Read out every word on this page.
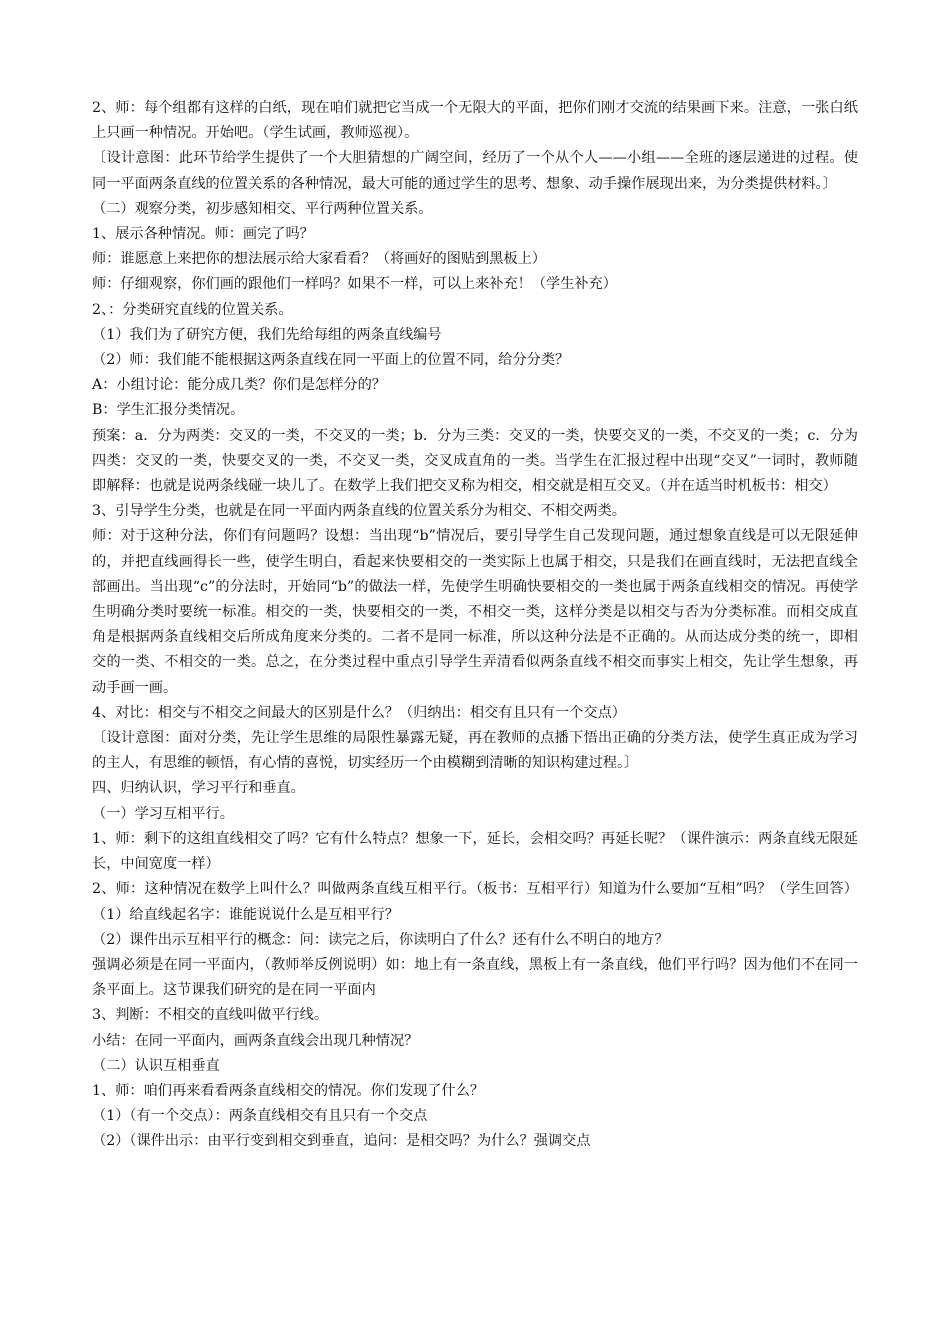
2、师：每个组都有这样的白纸，现在咱们就把它当成一个无限大的平面，把你们刚才交流的结果画下来。注意，一张白纸上只画一种情况。开始吧。（学生试画，教师巡视）。

〔设计意图：此环节给学生提供了一个大胆猜想的广阔空间，经历了一个从个人——小组——全班的逐层递进的过程。使同一平面两条直线的位置关系的各种情况，最大可能的通过学生的思考、想象、动手操作展现出来，为分类提供材料。〕

（二）观察分类，初步感知相交、平行两种位置关系。

1、展示各种情况。师：画完了吗？

师：谁愿意上来把你的想法展示给大家看看？（将画好的图贴到黑板上）

师：仔细观察，你们画的跟他们一样吗？如果不一样，可以上来补充！（学生补充）

2、：分类研究直线的位置关系。

（1）我们为了研究方便，我们先给每组的两条直线编号

（2）师：我们能不能根据这两条直线在同一平面上的位置不同，给分分类？

A：小组讨论：能分成几类？你们是怎样分的？

B：学生汇报分类情况。

预案：a．分为两类：交叉的一类，不交叉的一类；b．分为三类：交叉的一类，快要交叉的一类，不交叉的一类；c．分为四类：交叉的一类，快要交叉的一类，不交叉一类，交叉成直角的一类。当学生在汇报过程中出现“交叉”一词时，教师随即解释：也就是说两条线碰一块儿了。在数学上我们把交叉称为相交，相交就是相互交叉。（并在适当时机板书：相交）

3、引导学生分类，也就是在同一平面内两条直线的位置关系分为相交、不相交两类。

师：对于这种分法，你们有问题吗？设想：当出现“b”情况后，要引导学生自己发现问题，通过想象直线是可以无限延伸的，并把直线画得长一些，使学生明白，看起来快要相交的一类实际上也属于相交，只是我们在画直线时，无法把直线全部画出。当出现“c”的分法时，开始同“b”的做法一样，先使学生明确快要相交的一类也属于两条直线相交的情况。再使学生明确分类时要统一标准。相交的一类，快要相交的一类，不相交一类，这样分类是以相交与否为分类标准。而相交成直角是根据两条直线相交后所成角度来分类的。二者不是同一标准，所以这种分法是不正确的。从而达成分类的统一，即相交的一类、不相交的一类。总之，在分类过程中重点引导学生弄清看似两条直线不相交而事实上相交，先让学生想象，再动手画一画。

4、对比：相交与不相交之间最大的区别是什么？（归纳出：相交有且只有一个交点）

〔设计意图：面对分类，先让学生思维的局限性暴露无疑，再在教师的点播下悟出正确的分类方法，使学生真正成为学习的主人，有思维的顿悟，有心情的喜悦，切实经历一个由模糊到清晰的知识构建过程。〕

四、归纳认识，学习平行和垂直。

（一）学习互相平行。

1、师：剩下的这组直线相交了吗？它有什么特点？想象一下，延长，会相交吗？再延长呢？（课件演示：两条直线无限延长，中间宽度一样）

2、师：这种情况在数学上叫什么？叫做两条直线互相平行。（板书：互相平行）知道为什么要加“互相”吗？（学生回答）（1）给直线起名字：谁能说说什么是互相平行？

（2）课件出示互相平行的概念：问：读完之后，你读明白了什么？还有什么不明白的地方？

强调必须是在同一平面内，（教师举反例说明）如：地上有一条直线，黑板上有一条直线，他们平行吗？因为他们不在同一条平面上。这节课我们研究的是在同一平面内

3、判断：不相交的直线叫做平行线。

小结：在同一平面内，画两条直线会出现几种情况？

（二）认识互相垂直

1、师：咱们再来看看两条直线相交的情况。你们发现了什么？

（1）（有一个交点）：两条直线相交有且只有一个交点

（2）（课件出示：由平行变到相交到垂直，追问：是相交吗？为什么？强调交点
